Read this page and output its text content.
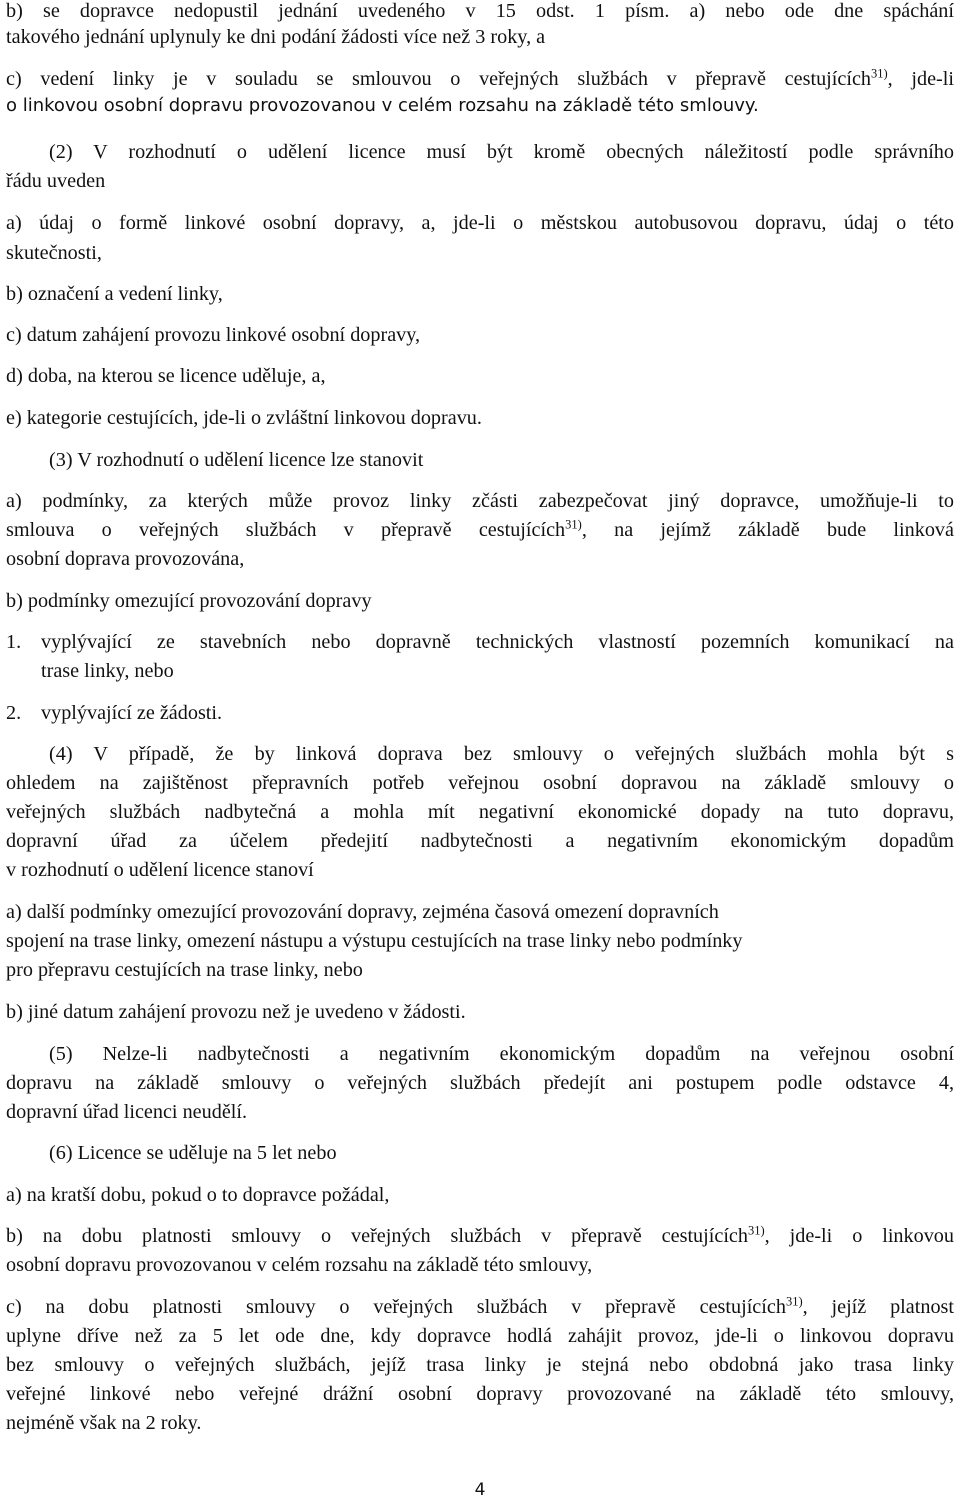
b) se dopravce nedopustil jednání uvedeného v 15 odst. 1 písm. a) nebo ode dne spáchání
takového jednání uplynuly ke dni podání žádosti více než 3 roky, a
c) vedení linky je v souladu se smlouvou o veřejných službách v přepravě cestujících$^{31)}$, jde-li
o linkovou osobní dopravu provozovanou v celém rozsahu na základě této smlouvy.
(2) V rozhodnutí o udělení licence musí být kromě obecných náležitostí podle správního
řádu uveden
a) údaj o formě linkové osobní dopravy, a, jde-li o městskou autobusovou dopravu, údaj o této
skutečnosti,
b) označení a vedení linky,
c) datum zahájení provozu linkové osobní dopravy,
d) doba, na kterou se licence uděluje, a,
e) kategorie cestujících, jde-li o zvláštní linkovou dopravu.
(3) V rozhodnutí o udělení licence lze stanovit
a) podmínky, za kterých může provoz linky zčásti zabezpečovat jiný dopravce, umožňuje-li to
smlouva o veřejných službách v přepravě cestujících$^{31)}$, na jejímž základě bude linková
osobní doprava provozována,
b) podmínky omezující provozování dopravy
1. vyplývající ze stavebních nebo dopravně technických vlastností pozemních komunikací na
trase linky, nebo
2. vyplývající ze žádosti.
(4) V případě, že by linková doprava bez smlouvy o veřejných službách mohla být s
ohledem na zajištěnost přepravních potřeb veřejnou osobní dopravou na základě smlouvy o
veřejných službách nadbytečná a mohla mít negativní ekonomické dopady na tuto dopravu,
dopravní úřad za účelem předejití nadbytečnosti a negativním ekonomickým dopadům
v rozhodnutí o udělení licence stanoví
a) další podmínky omezující provozování dopravy, zejména časová omezení dopravních
spojení na trase linky, omezení nástupu a výstupu cestujících na trase linky nebo podmínky
pro přepravu cestujících na trase linky, nebo
b) jiné datum zahájení provozu než je uvedeno v žádosti.
(5) Nelze-li nadbytečnosti a negativním ekonomickým dopadům na veřejnou osobní
dopravu na základě smlouvy o veřejných službách předejít ani postupem podle odstavce 4,
dopravní úřad licenci neudělí.
(6) Licence se uděluje na 5 let nebo
a) na kratší dobu, pokud o to dopravce požádal,
b) na dobu platnosti smlouvy o veřejných službách v přepravě cestujících$^{31)}$, jde-li o linkovou
osobní dopravu provozovanou v celém rozsahu na základě této smlouvy,
c) na dobu platnosti smlouvy o veřejných službách v přepravě cestujících$^{31)}$, jejíž platnost
uplyne dříve než za 5 let ode dne, kdy dopravce hodlá zahájit provoz, jde-li o linkovou dopravu
bez smlouvy o veřejných službách, jejíž trasa linky je stejná nebo obdobná jako trasa linky
veřejné linkové nebo veřejné drážní osobní dopravy provozované na základě této smlouvy,
nejméně však na 2 roky.
4
